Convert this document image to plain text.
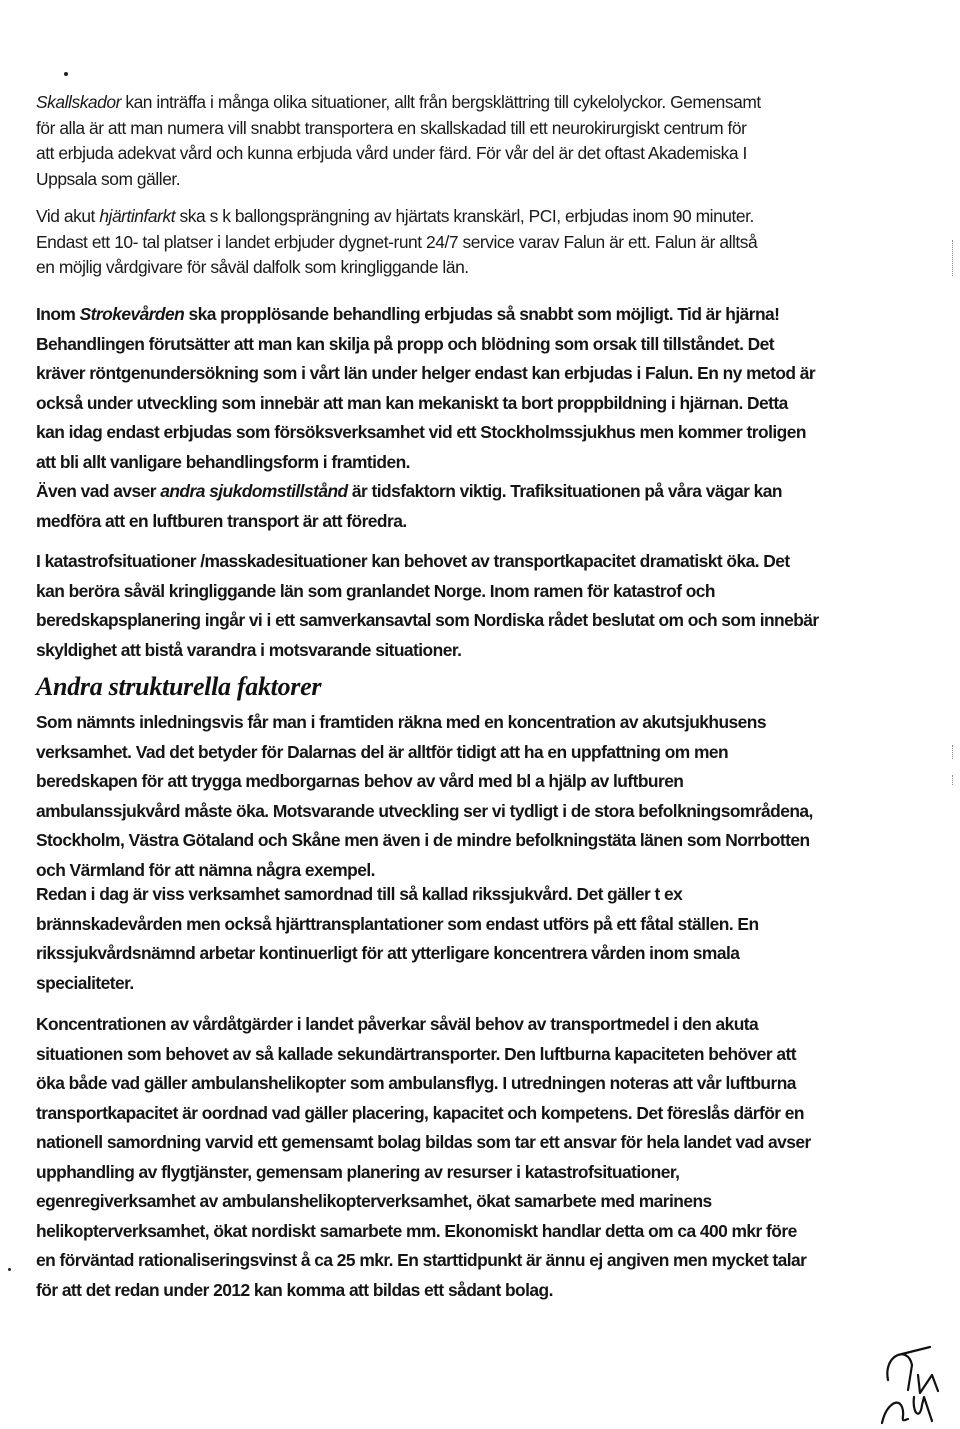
Skallskador kan inträffa i många olika situationer, allt från bergsklättring till cykelolyckor. Gemensamt
för alla är att man numera vill snabbt transportera en skallskadad till ett neurokirurgiskt centrum för
att erbjuda adekvat vård och kunna erbjuda vård under färd. För vår del är det oftast Akademiska I
Uppsala som gäller.

Vid akut hjärtinfarkt ska s k ballongsprängning av hjärtats kranskärl, PCI, erbjudas inom 90 minuter.
Endast ett 10- tal platser i landet erbjuder dygnet-runt 24/7 service varav Falun är ett. Falun är alltså
en möjlig vårdgivare för såväl dalfolk som kringliggande län.

Inom Strokevården ska propplösande behandling erbjudas så snabbt som möjligt. Tid är hjärna!
Behandlingen förutsätter att man kan skilja på propp och blödning som orsak till tillståndet. Det
kräver röntgenundersökning som i vårt län under helger endast kan erbjudas i Falun. En ny metod är
också under utveckling som innebär att man kan mekaniskt ta bort proppbildning i hjärnan. Detta
kan idag endast erbjudas som försöksverksamhet vid ett Stockholmssjukhus men kommer troligen
att bli allt vanligare behandlingsform i framtiden.

Även vad avser andra sjukdomstillstånd är tidsfaktorn viktig. Trafiksituationen på våra vägar kan
medföra att en luftburen transport är att föredra.

I katastrofsituationer /masskadesituationer kan behovet av transportkapacitet dramatiskt öka. Det
kan beröra såväl kringliggande län som granlandet Norge. Inom ramen för katastrof och
beredskapsplanering ingår vi i ett samverkansavtal som Nordiska rådet beslutat om och som innebär
skyldighet att bistå varandra i motsvarande situationer.

Andra strukturella faktorer

Som nämnts inledningsvis får man i framtiden räkna med en koncentration av akutsjukhusens
verksamhet. Vad det betyder för Dalarnas del är alltför tidigt att ha en uppfattning om men
beredskapen för att trygga medborgarnas behov av vård med bl a hjälp av luftburen
ambulanssjukvård måste öka. Motsvarande utveckling ser vi tydligt i de stora befolkningsområdena,
Stockholm, Västra Götaland och Skåne men även i de mindre befolkningstäta länen som Norrbotten
och Värmland för att nämna några exempel.

Redan i dag är viss verksamhet samordnad till så kallad rikssjukvård. Det gäller t ex
brännskadevården men också hjärttransplantationer som endast utförs på ett fåtal ställen. En
rikssjukvårdsnämnd arbetar kontinuerligt för att ytterligare koncentrera vården inom smala
specialiteter.

Koncentrationen av vårdåtgärder i landet påverkar såväl behov av transportmedel i den akuta
situationen som behovet av så kallade sekundärtransporter. Den luftburna kapaciteten behöver att
öka både vad gäller ambulanshelikopter som ambulansflyg. I utredningen noteras att vår luftburna
transportkapacitet är oordnad vad gäller placering, kapacitet och kompetens. Det föreslås därför en
nationell samordning varvid ett gemensamt bolag bildas som tar ett ansvar för hela landet vad avser
upphandling av flygtjänster, gemensam planering av resurser i katastrofsituationer,
egenregiverksamhet av ambulanshelikopterverksamhet, ökat samarbete med marinens
helikopterverksamhet, ökat nordiskt samarbete mm. Ekonomiskt handlar detta om ca 400 mkr före
en förväntad rationaliseringsvinst å ca 25 mkr. En starttidpunkt är ännu ej angiven men mycket talar
för att det redan under 2012 kan komma att bildas ett sådant bolag.
